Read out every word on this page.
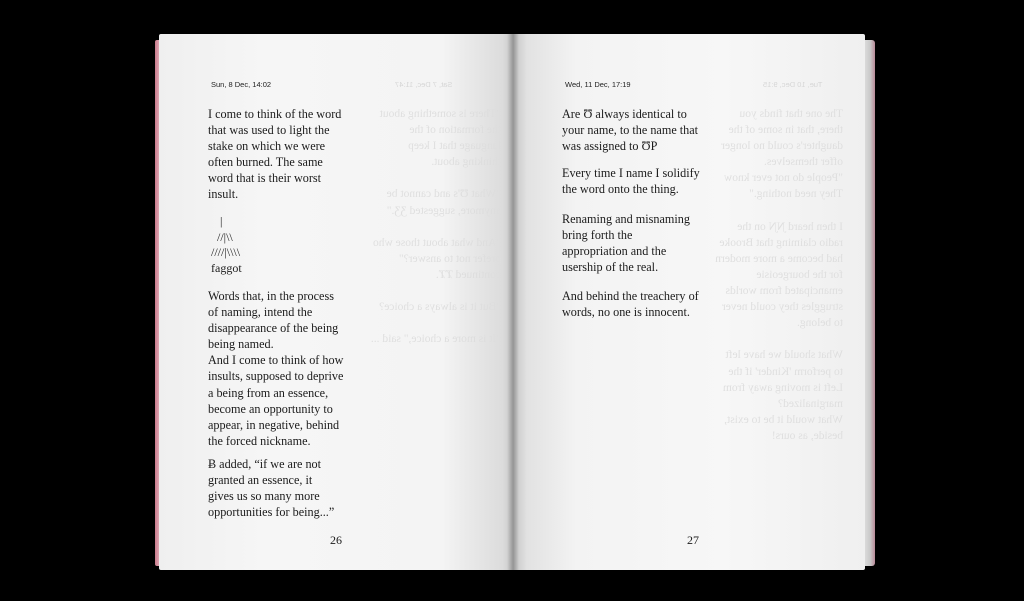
Sun, 8 Dec, 14:02	Sat, 7 Dec, 11:47

I come to think of the word
that was used to light the
stake on which we were
often burned. The same
word that is their worst
insult.

|
//|\\
////|\\\\
faggot

Words that, in the process
of naming, intend the
disappearance of the being
being named.
And I come to think of how
insults, supposed to deprive
a being from an essence,
become an opportunity to
appear, in negative, behind
the forced nickname.

Ƀ added, “if we are not
granted an essence, it
gives us so many more
opportunities for being...”

"There is something about
the formation of the
language that I keep
thinking about.

"What Ʊ's and cannot be
anymore, suggested ƷƷ."

"And what about those who
prefer not to answer?"
continued ȾȾ.

"But it is always a choice?

"It is more a choice," said ...
26
Wed, 11 Dec, 17:19	Tue, 10 Dec, 9:15

Are Ʊ always identical to
your name, to the name that
was assigned to ƱP

Every time I name I solidify
the word onto the thing.

Renaming and misnaming
bring forth the
appropriation and the
usership of the real.

And behind the treachery of
words, no one is innocent.

The one that finds you
there, that in some of the
daughter's could no longer
offer themselves.
"People do not ever know
They need nothing."

I then heard ƝƝ on the
radio claiming that Brooke
had become a more modern
for the bourgeoisie
emancipated from worlds
struggles they could never
to belong.

What should we have left
to perform 'Kinder' if the
Left is moving away from
marginalized?
What would it be to exist,
beside, as ours!
27
